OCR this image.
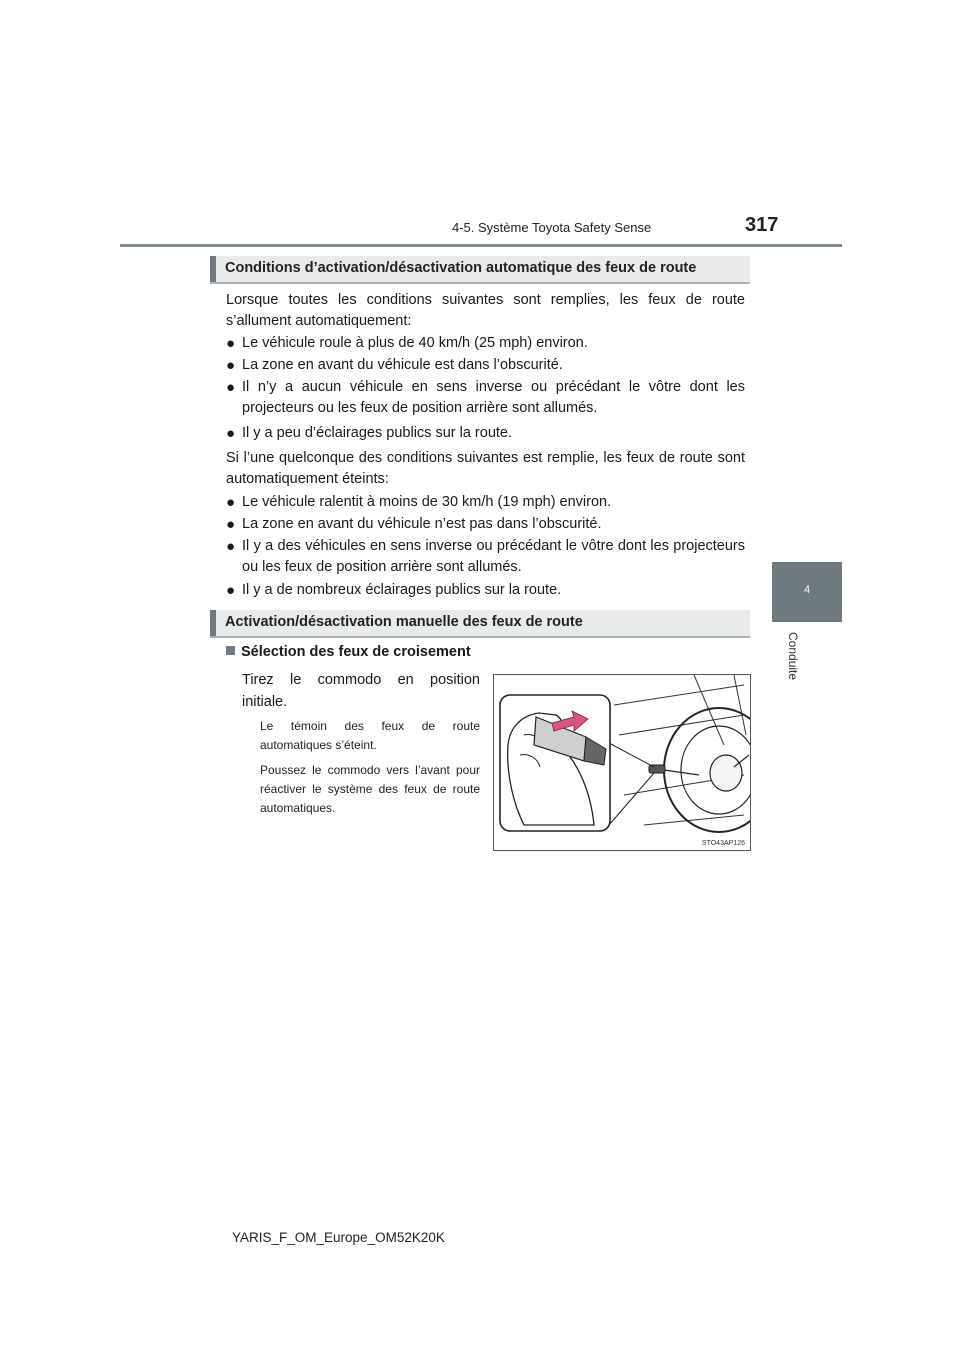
4-5. Système Toyota Safety Sense	317
4
Conduite
Conditions d’activation/désactivation automatique des feux de route

Lorsque toutes les conditions suivantes sont remplies, les feux de route s’allument automatiquement:

● Le véhicule roule à plus de 40 km/h (25 mph) environ.
● La zone en avant du véhicule est dans l’obscurité.
● Il n’y a aucun véhicule en sens inverse ou précédant le vôtre dont les projecteurs ou les feux de position arrière sont allumés.
● Il y a peu d’éclairages publics sur la route.

Si l’une quelconque des conditions suivantes est remplie, les feux de route sont automatiquement éteints:

● Le véhicule ralentit à moins de 30 km/h (19 mph) environ.
● La zone en avant du véhicule n’est pas dans l’obscurité.
● Il y a des véhicules en sens inverse ou précédant le vôtre dont les projecteurs ou les feux de position arrière sont allumés.
● Il y a de nombreux éclairages publics sur la route.
Activation/désactivation manuelle des feux de route
Sélection des feux de croisement

Tirez le commodo en position initiale.

Le témoin des feux de route automatiques s’éteint.

Poussez le commodo vers l’avant pour réactiver le système des feux de route automatiques.

STO43AP126
YARIS_F_OM_Europe_OM52K20K
